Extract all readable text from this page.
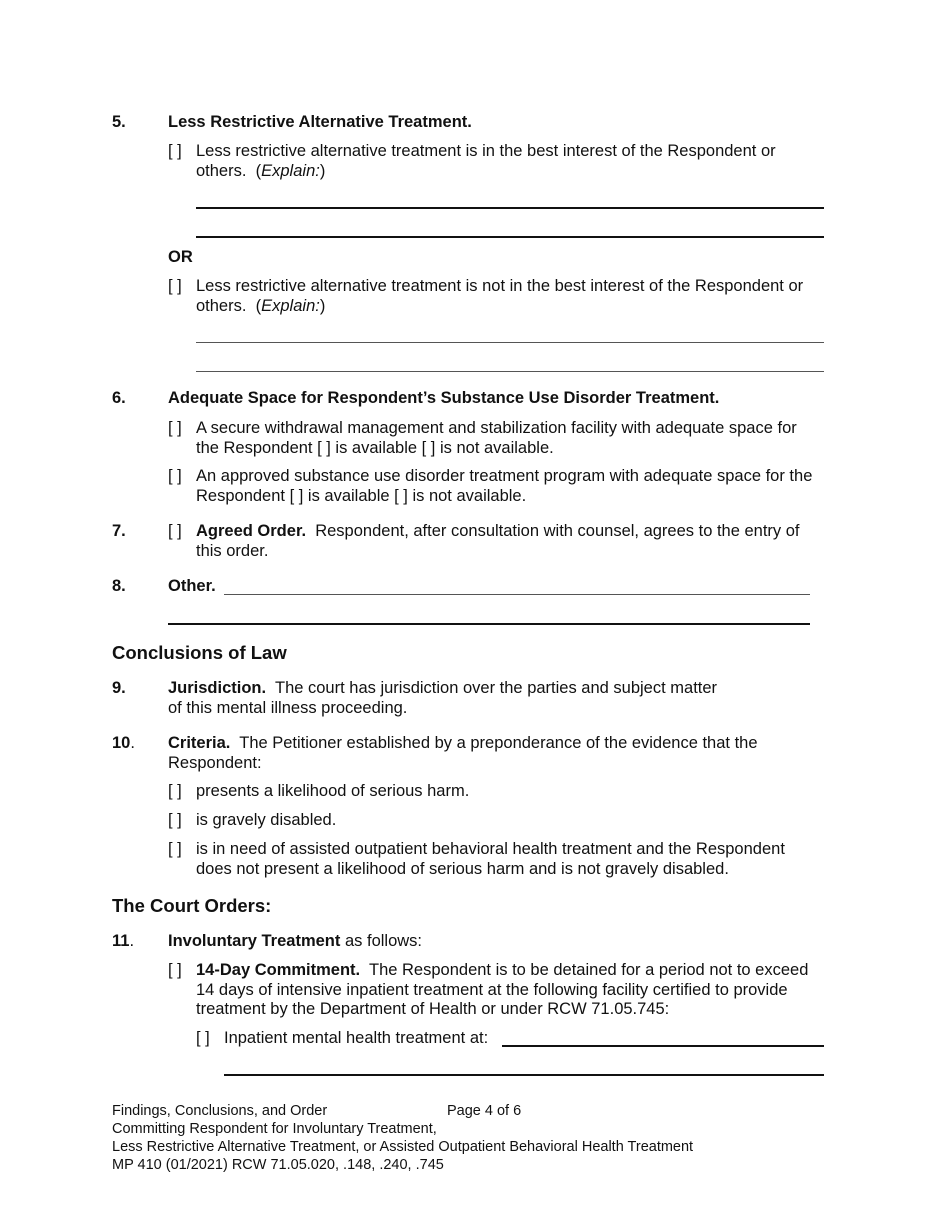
5.	Less Restrictive Alternative Treatment.
[ ] Less restrictive alternative treatment is in the best interest of the Respondent or
others.  (Explain:)
OR
[ ] Less restrictive alternative treatment is not in the best interest of the Respondent or
others.  (Explain:)
6.	Adequate Space for Respondent’s Substance Use Disorder Treatment.
[ ] A secure withdrawal management and stabilization facility with adequate space for
the Respondent [ ] is available [ ] is not available.
[ ] An approved substance use disorder treatment program with adequate space for the
Respondent [ ] is available [ ] is not available.
7.	[ ] Agreed Order. Respondent, after consultation with counsel, agrees to the entry of
this order.
8.	Other.
Conclusions of Law
9.	Jurisdiction. The court has jurisdiction over the parties and subject matter
of this mental illness proceeding.
10. Criteria. The Petitioner established by a preponderance of the evidence that the
Respondent:
[ ] presents a likelihood of serious harm.
[ ] is gravely disabled.
[ ] is in need of assisted outpatient behavioral health treatment and the Respondent
does not present a likelihood of serious harm and is not gravely disabled.
The Court Orders:
11. Involuntary Treatment as follows:
[ ] 14-Day Commitment. The Respondent is to be detained for a period not to exceed
14 days of intensive inpatient treatment at the following facility certified to provide
treatment by the Department of Health or under RCW 71.05.745:
[ ] Inpatient mental health treatment at:
Findings, Conclusions, and Order	Page 4 of 6
Committing Respondent for Involuntary Treatment,
Less Restrictive Alternative Treatment, or Assisted Outpatient Behavioral Health Treatment
MP 410 (01/2021) RCW 71.05.020, .148, .240, .745
